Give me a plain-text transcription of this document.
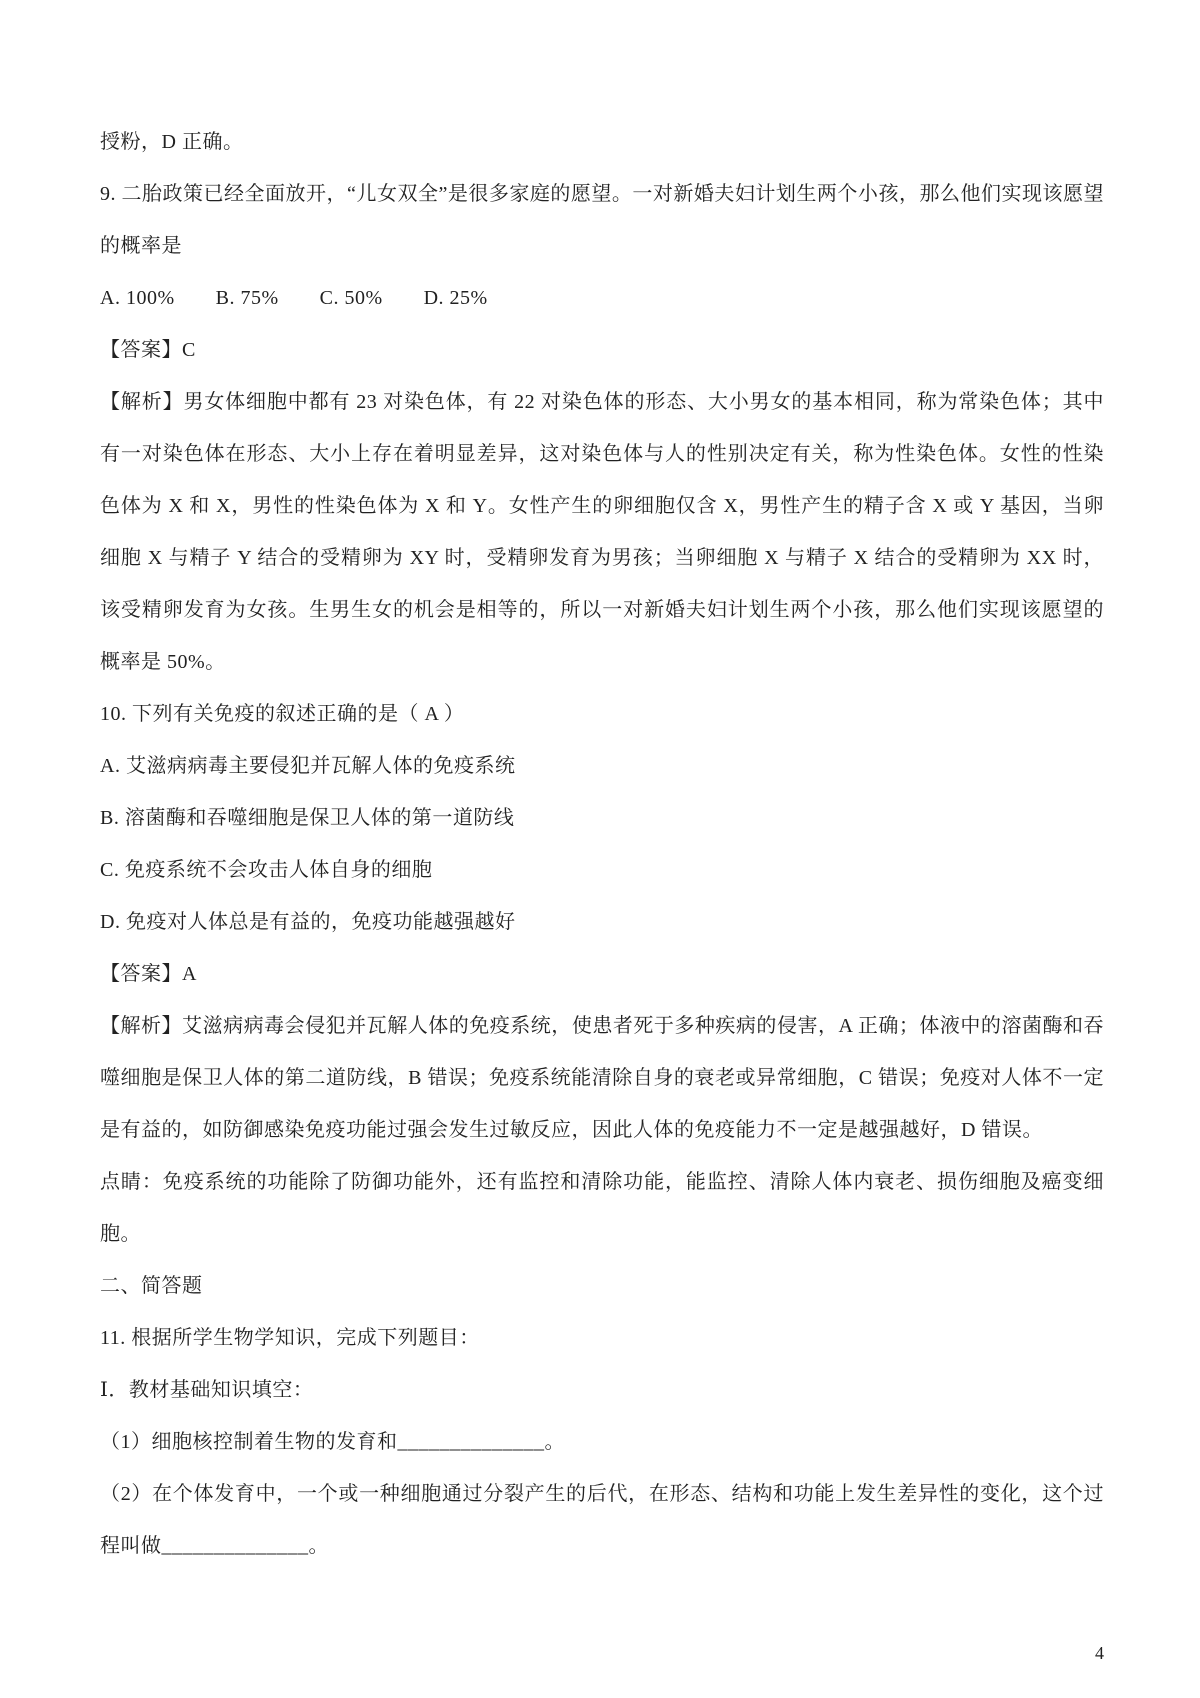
授粉，D 正确。

9. 二胎政策已经全面放开，“儿女双全”是很多家庭的愿望。一对新婚夫妇计划生两个小孩，那么他们实现该愿望的概率是

A. 100%　　B. 75%　　C. 50%　　D. 25%

【答案】C

【解析】男女体细胞中都有 23 对染色体，有 22 对染色体的形态、大小男女的基本相同，称为常染色体；其中有一对染色体在形态、大小上存在着明显差异，这对染色体与人的性别决定有关，称为性染色体。女性的性染色体为 X 和 X，男性的性染色体为 X 和 Y。女性产生的卵细胞仅含 X，男性产生的精子含 X 或 Y 基因，当卵细胞 X 与精子 Y 结合的受精卵为 XY 时，受精卵发育为男孩；当卵细胞 X 与精子 X 结合的受精卵为 XX 时，该受精卵发育为女孩。生男生女的机会是相等的，所以一对新婚夫妇计划生两个小孩，那么他们实现该愿望的概率是 50%。

10. 下列有关免疫的叙述正确的是（ A ）

A. 艾滋病病毒主要侵犯并瓦解人体的免疫系统

B. 溶菌酶和吞噬细胞是保卫人体的第一道防线

C. 免疫系统不会攻击人体自身的细胞

D. 免疫对人体总是有益的，免疫功能越强越好

【答案】A

【解析】艾滋病病毒会侵犯并瓦解人体的免疫系统，使患者死于多种疾病的侵害，A 正确；体液中的溶菌酶和吞噬细胞是保卫人体的第二道防线，B 错误；免疫系统能清除自身的衰老或异常细胞，C 错误；免疫对人体不一定是有益的，如防御感染免疫功能过强会发生过敏反应，因此人体的免疫能力不一定是越强越好，D 错误。

点睛：免疫系统的功能除了防御功能外，还有监控和清除功能，能监控、清除人体内衰老、损伤细胞及癌变细胞。

二、简答题

11. 根据所学生物学知识，完成下列题目：

Ⅰ．教材基础知识填空：

（1）细胞核控制着生物的发育和______________。

（2）在个体发育中，一个或一种细胞通过分裂产生的后代，在形态、结构和功能上发生差异性的变化，这个过程叫做______________。

4
